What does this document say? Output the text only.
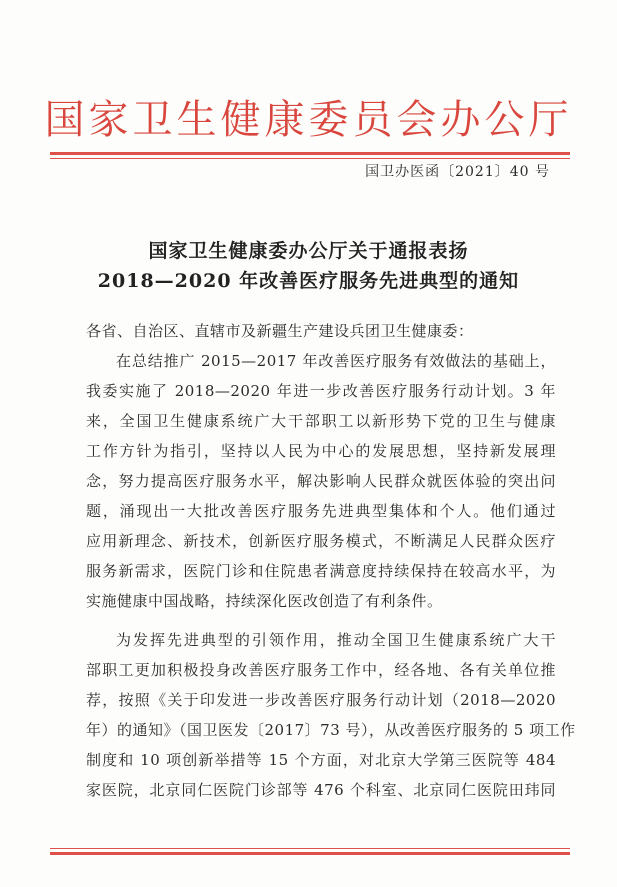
国家卫生健康委员会办公厅
国卫办医函〔2021〕40 号
国家卫生健康委办公厅关于通报表扬
2018—2020 年改善医疗服务先进典型的通知
各省、自治区、直辖市及新疆生产建设兵团卫生健康委：
在总结推广 2015—2017 年改善医疗服务有效做法的基础上，
我委实施了 2018—2020 年进一步改善医疗服务行动计划。3 年
来，全国卫生健康系统广大干部职工以新形势下党的卫生与健康
工作方针为指引，坚持以人民为中心的发展思想，坚持新发展理
念，努力提高医疗服务水平，解决影响人民群众就医体验的突出问
题，涌现出一大批改善医疗服务先进典型集体和个人。他们通过
应用新理念、新技术，创新医疗服务模式，不断满足人民群众医疗
服务新需求，医院门诊和住院患者满意度持续保持在较高水平，为
实施健康中国战略，持续深化医改创造了有利条件。
为发挥先进典型的引领作用，推动全国卫生健康系统广大干
部职工更加积极投身改善医疗服务工作中，经各地、各有关单位推
荐，按照《关于印发进一步改善医疗服务行动计划（2018—2020
年）的通知》（国卫医发〔2017〕73 号），从改善医疗服务的 5 项工作
制度和 10 项创新举措等 15 个方面，对北京大学第三医院等 484
家医院，北京同仁医院门诊部等 476 个科室、北京同仁医院田玮同
